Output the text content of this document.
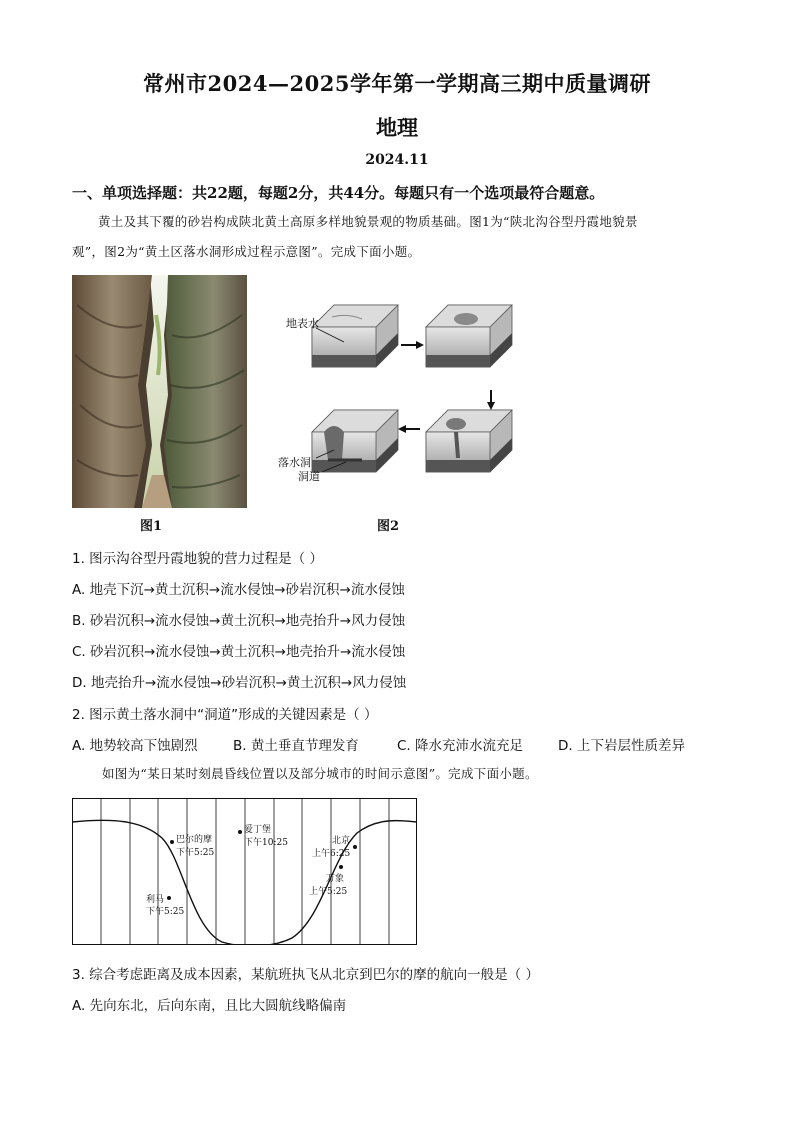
常州市2024—2025学年第一学期高三期中质量调研
地理
2024.11
一、单项选择题：共22题，每题2分，共44分。每题只有一个选项最符合题意。
黄土及其下覆的砂岩构成陕北黄土高原多样地貌景观的物质基础。图1为“陕北沟谷型丹霞地貌景
观”，图2为“黄土区落水洞形成过程示意图”。完成下面小题。
图1
地表水
落水洞
洞道
图2
1. 图示沟谷型丹霞地貌的营力过程是（ ）
A. 地壳下沉→黄土沉积→流水侵蚀→砂岩沉积→流水侵蚀
B. 砂岩沉积→流水侵蚀→黄土沉积→地壳抬升→风力侵蚀
C. 砂岩沉积→流水侵蚀→黄土沉积→地壳抬升→流水侵蚀
D. 地壳抬升→流水侵蚀→砂岩沉积→黄土沉积→风力侵蚀
2. 图示黄土落水洞中“洞道”形成的关键因素是（ ）
A. 地势较高下蚀剧烈	B. 黄土垂直节理发育	C. 降水充沛水流充足	D. 上下岩层性质差异
如图为“某日某时刻晨昏线位置以及部分城市的时间示意图”。完成下面小题。
巴尔的摩
下午5:25
爱丁堡
下午10:25	北京
上午6:25
万象
上午5:25
利马
下午5:25
3. 综合考虑距离及成本因素，某航班执飞从北京到巴尔的摩的航向一般是（ ）
A. 先向东北，后向东南，且比大圆航线略偏南
